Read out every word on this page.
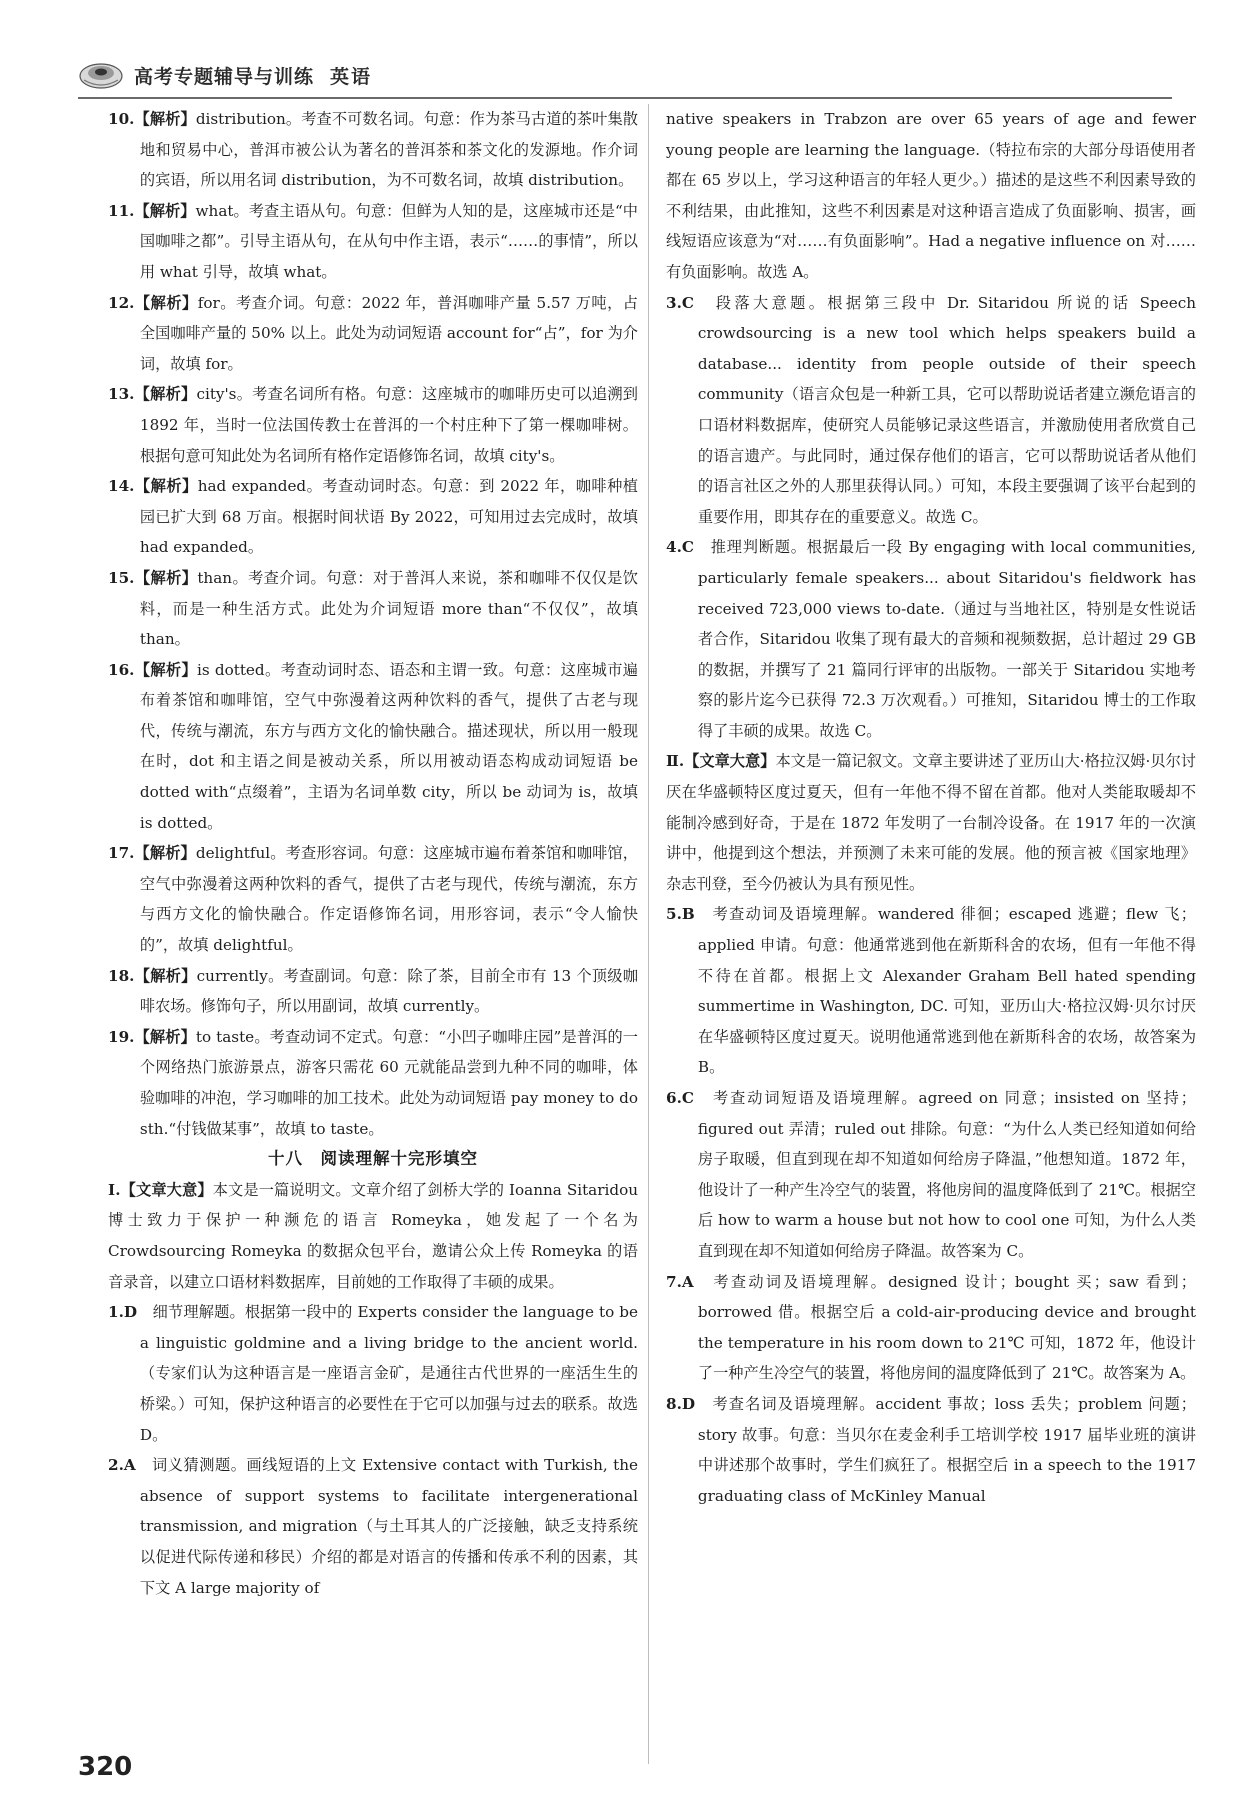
高考专题辅导与训练 英语

10.【解析】distribution。考查不可数名词。句意：作为茶马古道的茶叶集散地和贸易中心，普洱市被公认为著名的普洱茶和茶文化的发源地。作介词的宾语，所以用名词 distribution，为不可数名词，故填 distribution。

11.【解析】what。考查主语从句。句意：但鲜为人知的是，这座城市还是“中国咖啡之都”。引导主语从句，在从句中作主语，表示“……的事情”，所以用 what 引导，故填 what。

12.【解析】for。考查介词。句意：2022 年，普洱咖啡产量 5.57 万吨，占全国咖啡产量的 50% 以上。此处为动词短语 account for“占”，for 为介词，故填 for。

13.【解析】city's。考查名词所有格。句意：这座城市的咖啡历史可以追溯到 1892 年，当时一位法国传教士在普洱的一个村庄种下了第一棵咖啡树。根据句意可知此处为名词所有格作定语修饰名词，故填 city's。

14.【解析】had expanded。考查动词时态。句意：到 2022 年，咖啡种植园已扩大到 68 万亩。根据时间状语 By 2022，可知用过去完成时，故填 had expanded。

15.【解析】than。考查介词。句意：对于普洱人来说，茶和咖啡不仅仅是饮料，而是一种生活方式。此处为介词短语 more than“不仅仅”，故填 than。

16.【解析】is dotted。考查动词时态、语态和主谓一致。句意：这座城市遍布着茶馆和咖啡馆，空气中弥漫着这两种饮料的香气，提供了古老与现代，传统与潮流，东方与西方文化的愉快融合。描述现状，所以用一般现在时，dot 和主语之间是被动关系，所以用被动语态构成动词短语 be dotted with“点缀着”，主语为名词单数 city，所以 be 动词为 is，故填 is dotted。

17.【解析】delightful。考查形容词。句意：这座城市遍布着茶馆和咖啡馆，空气中弥漫着这两种饮料的香气，提供了古老与现代，传统与潮流，东方与西方文化的愉快融合。作定语修饰名词，用形容词，表示“令人愉快的”，故填 delightful。

18.【解析】currently。考查副词。句意：除了茶，目前全市有 13 个顶级咖啡农场。修饰句子，所以用副词，故填 currently。

19.【解析】to taste。考查动词不定式。句意：“小凹子咖啡庄园”是普洱的一个网络热门旅游景点，游客只需花 60 元就能品尝到九种不同的咖啡，体验咖啡的冲泡，学习咖啡的加工技术。此处为动词短语 pay money to do sth.“付钱做某事”，故填 to taste。

十八　阅读理解十完形填空

Ⅰ.【文章大意】本文是一篇说明文。文章介绍了剑桥大学的 Ioanna Sitaridou 博士致力于保护一种濒危的语言 Romeyka，她发起了一个名为 Crowdsourcing Romeyka 的数据众包平台，邀请公众上传 Romeyka 的语音录音，以建立口语材料数据库，目前她的工作取得了丰硕的成果。

1.D　细节理解题。根据第一段中的 Experts consider the language to be a linguistic goldmine and a living bridge to the ancient world.（专家们认为这种语言是一座语言金矿，是通往古代世界的一座活生生的桥梁。）可知，保护这种语言的必要性在于它可以加强与过去的联系。故选 D。

2.A　词义猜测题。画线短语的上文 Extensive contact with Turkish, the absence of support systems to facilitate intergenerational transmission, and migration（与土耳其人的广泛接触，缺乏支持系统以促进代际传递和移民）介绍的都是对语言的传播和传承不利的因素，其下文 A large majority of

native speakers in Trabzon are over 65 years of age and fewer young people are learning the language.（特拉布宗的大部分母语使用者都在 65 岁以上，学习这种语言的年轻人更少。）描述的是这些不利因素导致的不利结果，由此推知，这些不利因素是对这种语言造成了负面影响、损害，画线短语应该意为“对……有负面影响”。Had a negative influence on 对……有负面影响。故选 A。

3.C　段落大意题。根据第三段中 Dr. Sitaridou 所说的话 Speech crowdsourcing is a new tool which helps speakers build a database... identity from people outside of their speech community（语言众包是一种新工具，它可以帮助说话者建立濒危语言的口语材料数据库，使研究人员能够记录这些语言，并激励使用者欣赏自己的语言遗产。与此同时，通过保存他们的语言，它可以帮助说话者从他们的语言社区之外的人那里获得认同。）可知，本段主要强调了该平台起到的重要作用，即其存在的重要意义。故选 C。

4.C　推理判断题。根据最后一段 By engaging with local communities, particularly female speakers... about Sitaridou's fieldwork has received 723,000 views to-date.（通过与当地社区，特别是女性说话者合作，Sitaridou 收集了现有最大的音频和视频数据，总计超过 29 GB 的数据，并撰写了 21 篇同行评审的出版物。一部关于 Sitaridou 实地考察的影片迄今已获得 72.3 万次观看。）可推知，Sitaridou 博士的工作取得了丰硕的成果。故选 C。

Ⅱ.【文章大意】本文是一篇记叙文。文章主要讲述了亚历山大·格拉汉姆·贝尔讨厌在华盛顿特区度过夏天，但有一年他不得不留在首都。他对人类能取暖却不能制冷感到好奇，于是在 1872 年发明了一台制冷设备。在 1917 年的一次演讲中，他提到这个想法，并预测了未来可能的发展。他的预言被《国家地理》杂志刊登，至今仍被认为具有预见性。

5.B　考查动词及语境理解。wandered 徘徊；escaped 逃避；flew 飞；applied 申请。句意：他通常逃到他在新斯科舍的农场，但有一年他不得不待在首都。根据上文 Alexander Graham Bell hated spending summertime in Washington, DC. 可知，亚历山大·格拉汉姆·贝尔讨厌在华盛顿特区度过夏天。说明他通常逃到他在新斯科舍的农场，故答案为 B。

6.C　考查动词短语及语境理解。agreed on 同意；insisted on 坚持；figured out 弄清；ruled out 排除。句意：“为什么人类已经知道如何给房子取暖，但直到现在却不知道如何给房子降温，”他想知道。1872 年，他设计了一种产生冷空气的装置，将他房间的温度降低到了 21℃。根据空后 how to warm a house but not how to cool one 可知，为什么人类直到现在却不知道如何给房子降温。故答案为 C。

7.A　考查动词及语境理解。designed 设计；bought 买；saw 看到；borrowed 借。根据空后 a cold-air-producing device and brought the temperature in his room down to 21℃ 可知，1872 年，他设计了一种产生冷空气的装置，将他房间的温度降低到了 21℃。故答案为 A。

8.D　考查名词及语境理解。accident 事故；loss 丢失；problem 问题；story 故事。句意：当贝尔在麦金利手工培训学校 1917 届毕业班的演讲中讲述那个故事时，学生们疯狂了。根据空后 in a speech to the 1917 graduating class of McKinley Manual

320
